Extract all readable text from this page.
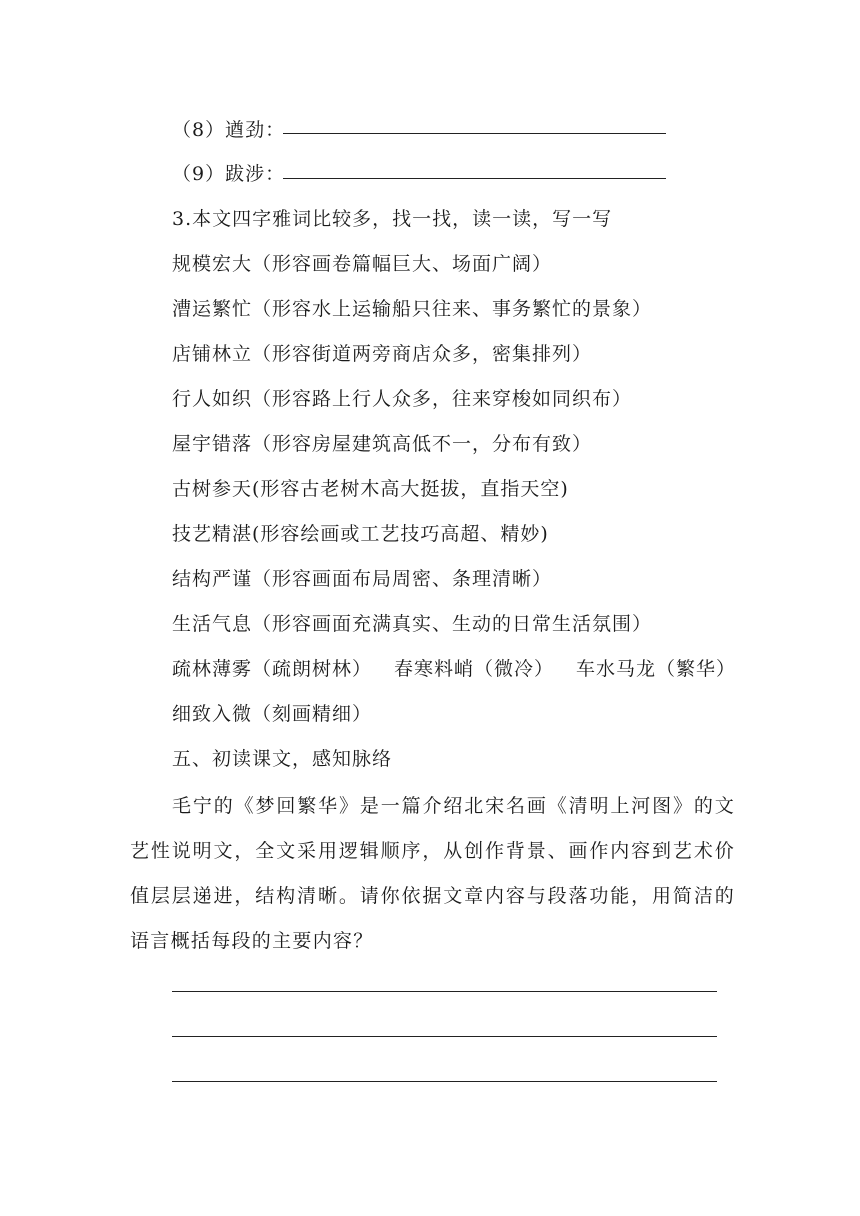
（8）遒劲：
（9）跋涉：
3.本文四字雅词比较多，找一找，读一读，写一写
规模宏大（形容画卷篇幅巨大、场面广阔）
漕运繁忙（形容水上运输船只往来、事务繁忙的景象）
店铺林立（形容街道两旁商店众多，密集排列）
行人如织（形容路上行人众多，往来穿梭如同织布）
屋宇错落（形容房屋建筑高低不一，分布有致）
古树参天(形容古老树木高大挺拔，直指天空)
技艺精湛(形容绘画或工艺技巧高超、精妙)
结构严谨（形容画面布局周密、条理清晰）
生活气息（形容画面充满真实、生动的日常生活氛围）
疏林薄雾（疏朗树林） 春寒料峭（微冷） 车水马龙（繁华）
细致入微（刻画精细）
五、初读课文，感知脉络
毛宁的《梦回繁华》是一篇介绍北宋名画《清明上河图》的文艺性说明文，全文采用逻辑顺序，从创作背景、画作内容到艺术价值层层递进，结构清晰。请你依据文章内容与段落功能，用简洁的语言概括每段的主要内容？
